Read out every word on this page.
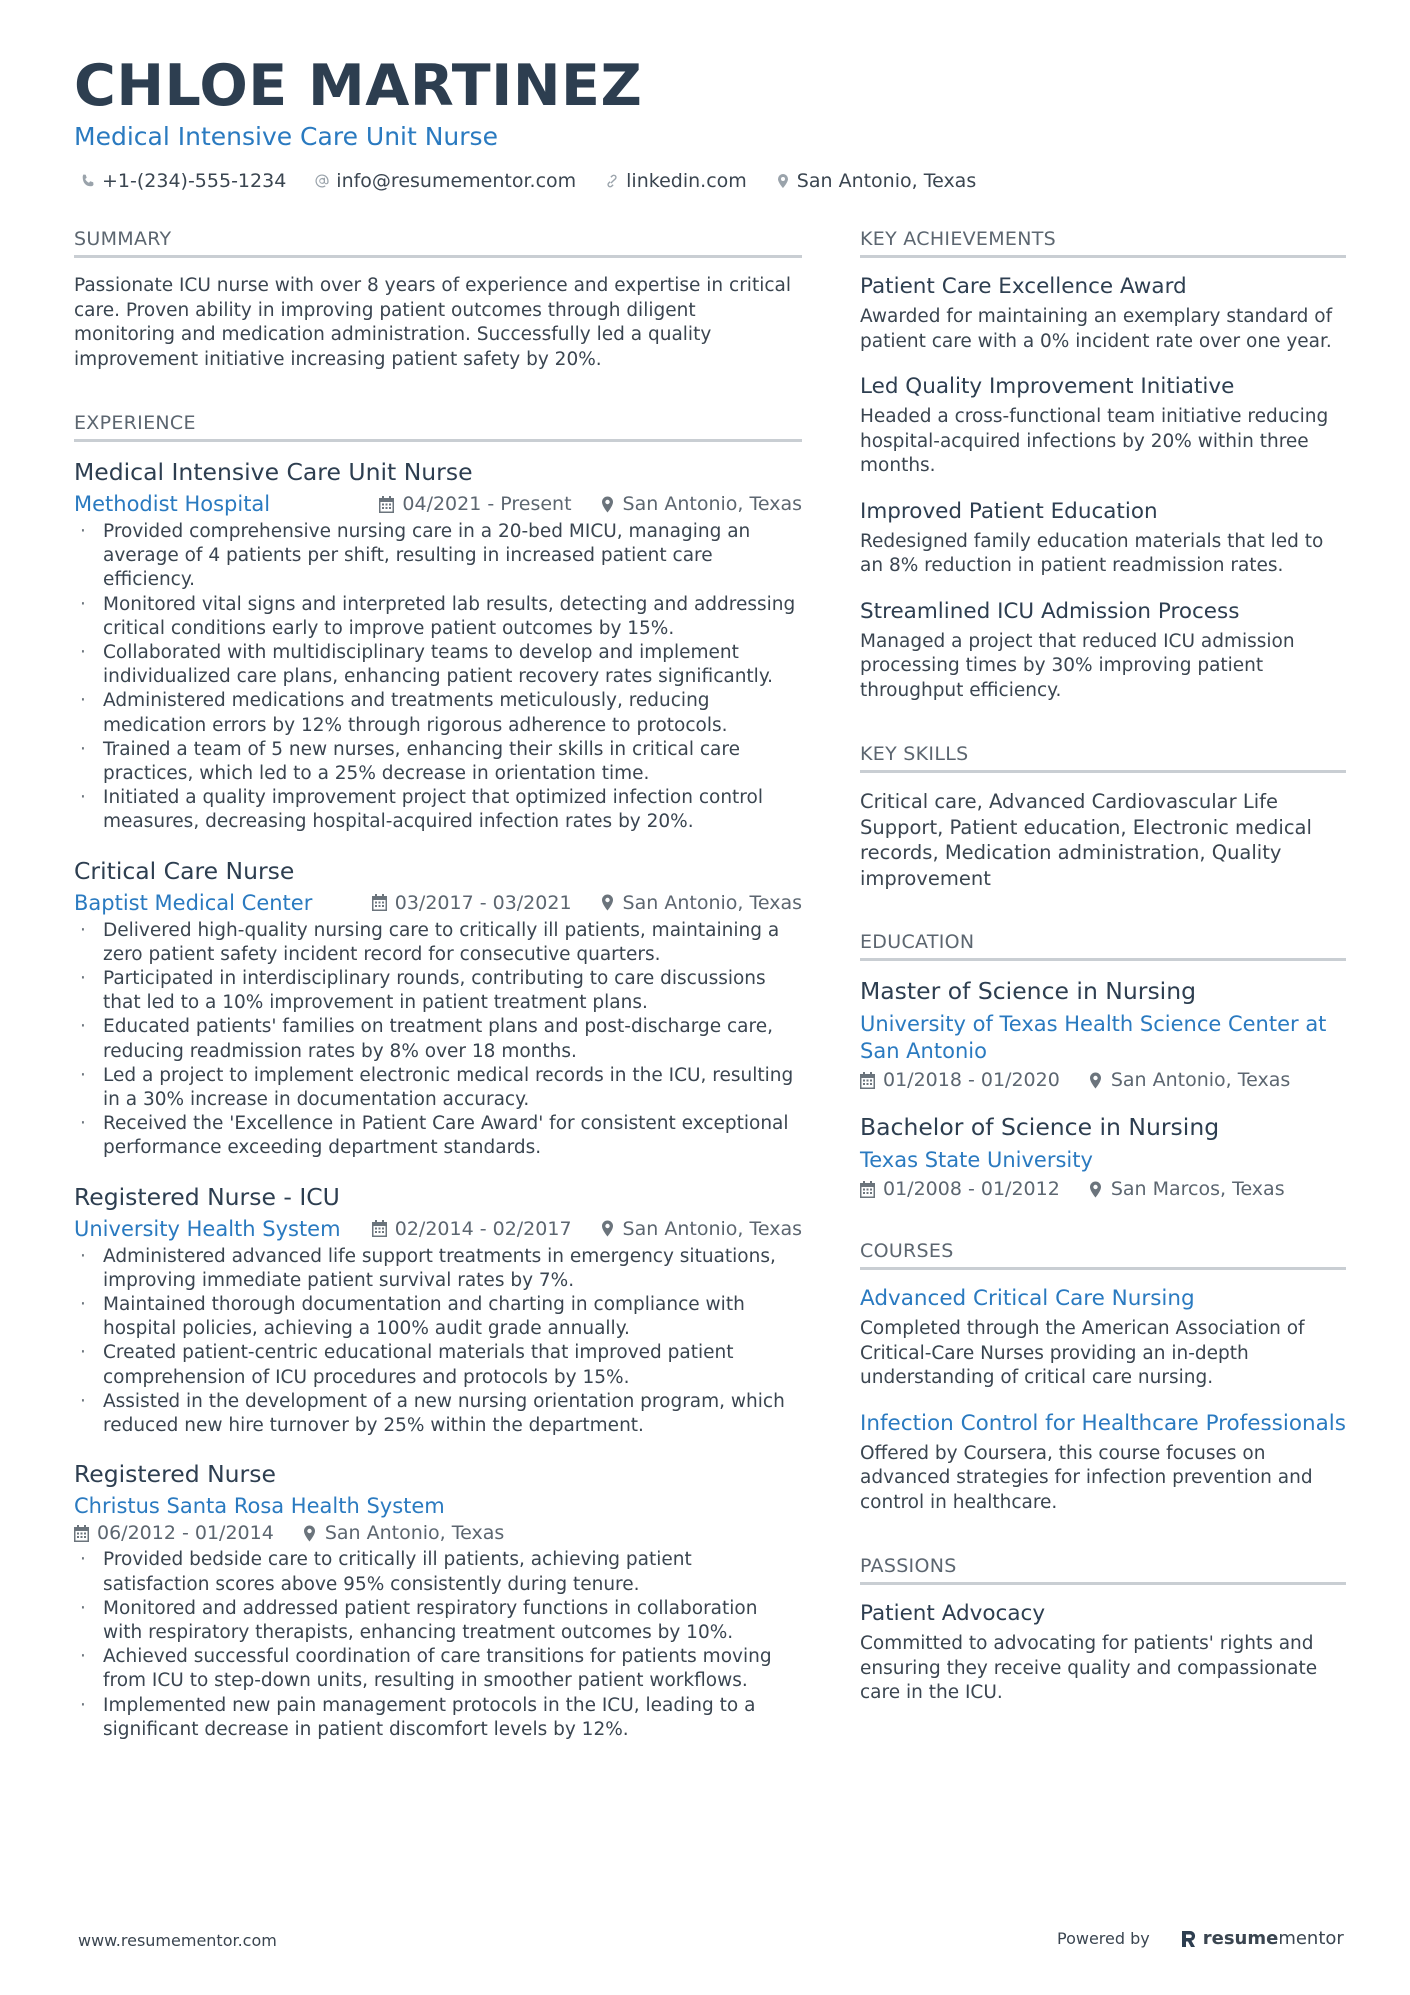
CHLOE MARTINEZ
Medical Intensive Care Unit Nurse
+1-(234)-555-1234	info@resumementor.com	linkedin.com	San Antonio, Texas
SUMMARY

Passionate ICU nurse with over 8 years of experience and expertise in critical care. Proven ability in improving patient outcomes through diligent monitoring and medication administration. Successfully led a quality improvement initiative increasing patient safety by 20%.

EXPERIENCE
Medical Intensive Care Unit Nurse
Methodist Hospital	04/2021 - Present	San Antonio, Texas
· Provided comprehensive nursing care in a 20-bed MICU, managing an average of 4 patients per shift, resulting in increased patient care efficiency.
· Monitored vital signs and interpreted lab results, detecting and addressing critical conditions early to improve patient outcomes by 15%.
· Collaborated with multidisciplinary teams to develop and implement individualized care plans, enhancing patient recovery rates significantly.
· Administered medications and treatments meticulously, reducing medication errors by 12% through rigorous adherence to protocols.
· Trained a team of 5 new nurses, enhancing their skills in critical care practices, which led to a 25% decrease in orientation time.
· Initiated a quality improvement project that optimized infection control measures, decreasing hospital-acquired infection rates by 20%.
Critical Care Nurse
Baptist Medical Center	03/2017 - 03/2021	San Antonio, Texas
· Delivered high-quality nursing care to critically ill patients, maintaining a zero patient safety incident record for consecutive quarters.
· Participated in interdisciplinary rounds, contributing to care discussions that led to a 10% improvement in patient treatment plans.
· Educated patients' families on treatment plans and post-discharge care, reducing readmission rates by 8% over 18 months.
· Led a project to implement electronic medical records in the ICU, resulting in a 30% increase in documentation accuracy.
· Received the 'Excellence in Patient Care Award' for consistent exceptional performance exceeding department standards.
Registered Nurse - ICU
University Health System	02/2014 - 02/2017	San Antonio, Texas
· Administered advanced life support treatments in emergency situations, improving immediate patient survival rates by 7%.
· Maintained thorough documentation and charting in compliance with hospital policies, achieving a 100% audit grade annually.
· Created patient-centric educational materials that improved patient comprehension of ICU procedures and protocols by 15%.
· Assisted in the development of a new nursing orientation program, which reduced new hire turnover by 25% within the department.
Registered Nurse
Christus Santa Rosa Health System
06/2012 - 01/2014	San Antonio, Texas
· Provided bedside care to critically ill patients, achieving patient satisfaction scores above 95% consistently during tenure.
· Monitored and addressed patient respiratory functions in collaboration with respiratory therapists, enhancing treatment outcomes by 10%.
· Achieved successful coordination of care transitions for patients moving from ICU to step-down units, resulting in smoother patient workflows.
· Implemented new pain management protocols in the ICU, leading to a significant decrease in patient discomfort levels by 12%.
KEY ACHIEVEMENTS
Patient Care Excellence Award
Awarded for maintaining an exemplary standard of patient care with a 0% incident rate over one year.
Led Quality Improvement Initiative
Headed a cross-functional team initiative reducing hospital-acquired infections by 20% within three months.
Improved Patient Education
Redesigned family education materials that led to an 8% reduction in patient readmission rates.
Streamlined ICU Admission Process
Managed a project that reduced ICU admission processing times by 30% improving patient throughput efficiency.
KEY SKILLS
Critical care, Advanced Cardiovascular Life Support, Patient education, Electronic medical records, Medication administration, Quality improvement
EDUCATION
Master of Science in Nursing
University of Texas Health Science Center at San Antonio
01/2018 - 01/2020	San Antonio, Texas
Bachelor of Science in Nursing
Texas State University
01/2008 - 01/2012	San Marcos, Texas
COURSES
Advanced Critical Care Nursing
Completed through the American Association of Critical-Care Nurses providing an in-depth understanding of critical care nursing.
Infection Control for Healthcare Professionals
Offered by Coursera, this course focuses on advanced strategies for infection prevention and control in healthcare.
PASSIONS
Patient Advocacy
Committed to advocating for patients' rights and ensuring they receive quality and compassionate care in the ICU.
www.resumementor.com	Powered by	resume mentor
